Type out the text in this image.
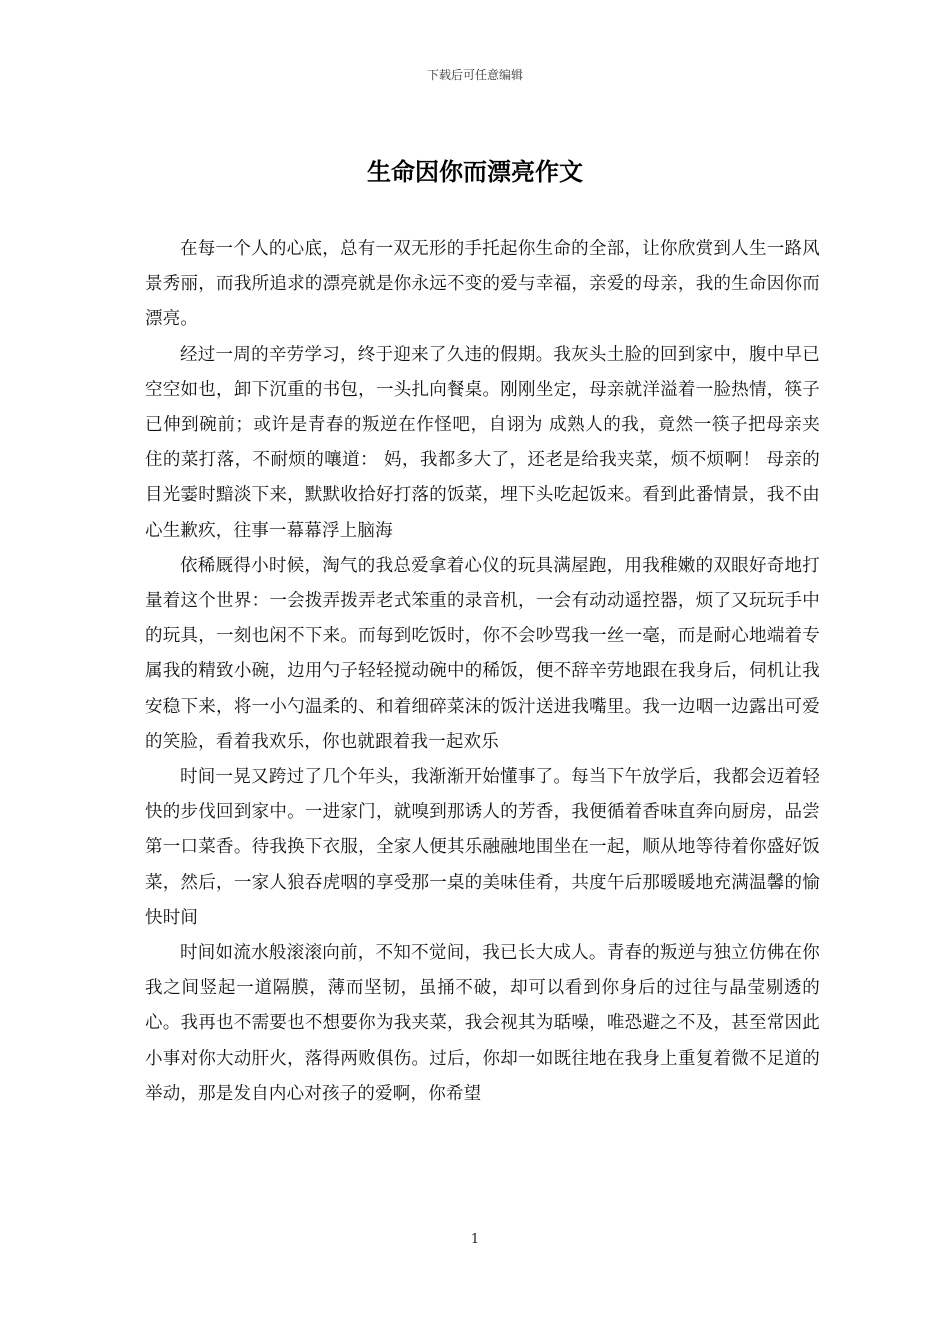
下载后可任意编辑
生命因你而漂亮作文

在每一个人的心底，总有一双无形的手托起你生命的全部，让你欣赏到人生一路风景秀丽，而我所追求的漂亮就是你永远不变的爱与幸福，亲爱的母亲，我的生命因你而漂亮。

经过一周的辛劳学习，终于迎来了久违的假期。我灰头土脸的回到家中，腹中早已空空如也，卸下沉重的书包，一头扎向餐桌。刚刚坐定，母亲就洋溢着一脸热情，筷子已伸到碗前；或许是青春的叛逆在作怪吧，自诩为 成熟人的我，竟然一筷子把母亲夹住的菜打落，不耐烦的嚷道： 妈，我都多大了，还老是给我夹菜，烦不烦啊！ 母亲的目光霎时黯淡下来，默默收拾好打落的饭菜，埋下头吃起饭来。看到此番情景，我不由心生歉疚，往事一幕幕浮上脑海

依稀厩得小时候，淘气的我总爱拿着心仪的玩具满屋跑，用我稚嫩的双眼好奇地打量着这个世界：一会拨弄拨弄老式笨重的录音机，一会有动动遥控器，烦了又玩玩手中的玩具，一刻也闲不下来。而每到吃饭时，你不会吵骂我一丝一毫，而是耐心地端着专属我的精致小碗，边用勺子轻轻搅动碗中的稀饭，便不辞辛劳地跟在我身后，伺机让我安稳下来，将一小勺温柔的、和着细碎菜沫的饭汁送进我嘴里。我一边咽一边露出可爱的笑脸，看着我欢乐，你也就跟着我一起欢乐

时间一晃又跨过了几个年头，我渐渐开始懂事了。每当下午放学后，我都会迈着轻快的步伐回到家中。一进家门，就嗅到那诱人的芳香，我便循着香味直奔向厨房，品尝第一口菜香。待我换下衣服，全家人便其乐融融地围坐在一起，顺从地等待着你盛好饭菜，然后，一家人狼吞虎咽的享受那一桌的美味佳肴，共度午后那暖暖地充满温馨的愉快时间

时间如流水般滚滚向前，不知不觉间，我已长大成人。青春的叛逆与独立仿佛在你我之间竖起一道隔膜，薄而坚韧，虽捅不破，却可以看到你身后的过往与晶莹剔透的心。我再也不需要也不想要你为我夹菜，我会视其为聒噪，唯恐避之不及，甚至常因此小事对你大动肝火，落得两败俱伤。过后，你却一如既往地在我身上重复着微不足道的举动，那是发自内心对孩子的爱啊，你希望

1
